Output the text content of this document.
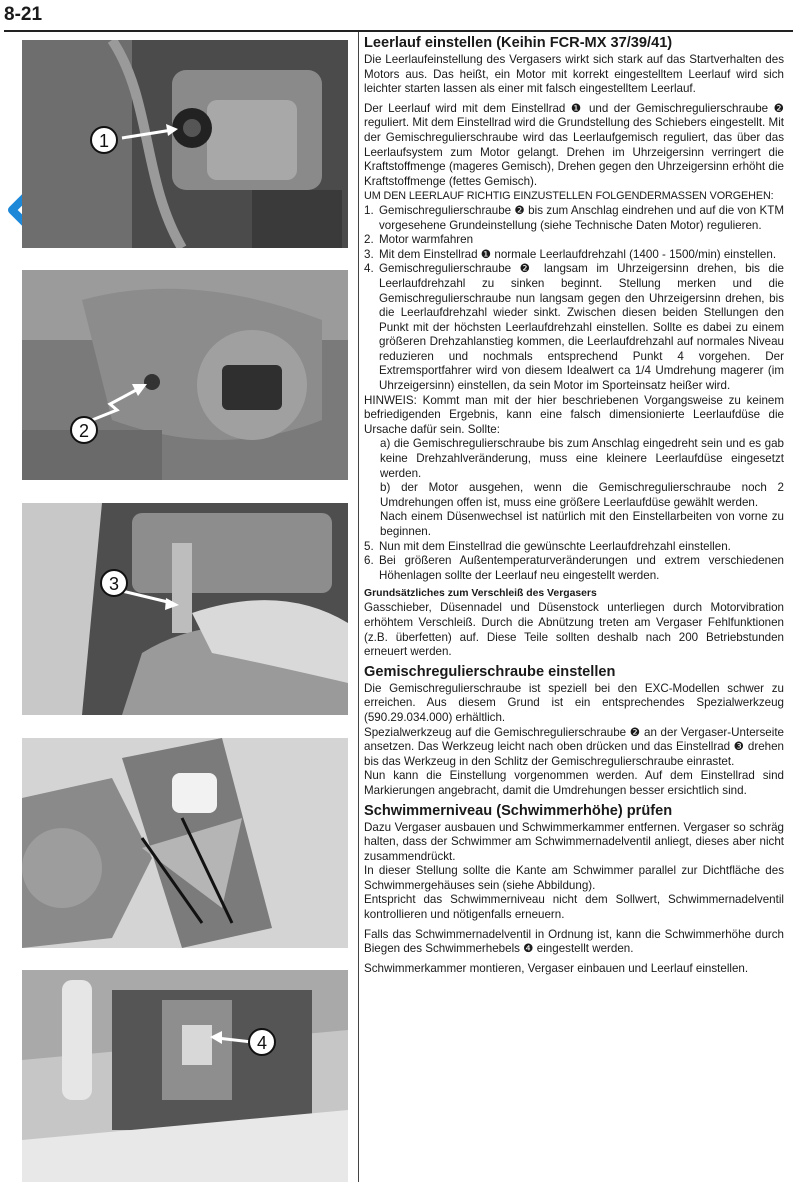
8-21
1
2
3
4
Leerlauf einstellen (Keihin FCR-MX 37/39/41)

Die Leerlaufeinstellung des Vergasers wirkt sich stark auf das Startverhalten des Motors aus. Das heißt, ein Motor mit korrekt eingestelltem Leerlauf wird sich leichter starten lassen als einer mit falsch eingestelltem Leerlauf.

Der Leerlauf wird mit dem Einstellrad ❶ und der Gemischregulierschraube ❷ reguliert. Mit dem Einstellrad wird die Grundstellung des Schiebers eingestellt. Mit der Gemischregulierschraube wird das Leerlaufgemisch reguliert, das über das Leerlaufsystem zum Motor gelangt. Drehen im Uhrzeigersinn verringert die Kraftstoffmenge (mageres Gemisch), Drehen gegen den Uhrzeigersinn erhöht die Kraftstoffmenge (fettes Gemisch).

UM DEN LEERLAUF RICHTIG EINZUSTELLEN FOLGENDERMASSEN VORGEHEN:

1. Gemischregulierschraube ❷ bis zum Anschlag eindrehen und auf die von KTM vorgesehene Grundeinstellung (siehe Technische Daten Motor) regulieren.
2. Motor warmfahren
3. Mit dem Einstellrad ❶ normale Leerlaufdrehzahl (1400 - 1500/min) einstellen.
4. Gemischregulierschraube ❷ langsam im Uhrzeigersinn drehen, bis die Leerlaufdrehzahl zu sinken beginnt. Stellung merken und die Gemischregulierschraube nun langsam gegen den Uhrzeigersinn drehen, bis die Leerlaufdrehzahl wieder sinkt. Zwischen diesen beiden Stellungen den Punkt mit der höchsten Leerlaufdrehzahl einstellen. Sollte es dabei zu einem größeren Drehzahlanstieg kommen, die Leerlaufdrehzahl auf normales Niveau reduzieren und nochmals entsprechend Punkt 4 vorgehen. Der Extremsportfahrer wird von diesem Idealwert ca 1/4 Umdrehung magerer (im Uhrzeigersinn) einstellen, da sein Motor im Sporteinsatz heißer wird.

HINWEIS: Kommt man mit der hier beschriebenen Vorgangsweise zu keinem befriedigenden Ergebnis, kann eine falsch dimensionierte Leerlaufdüse die Ursache dafür sein. Sollte:

a) die Gemischregulierschraube bis zum Anschlag eingedreht sein und es gab keine Drehzahlveränderung, muss eine kleinere Leerlaufdüse eingesetzt werden.

b) der Motor ausgehen, wenn die Gemischregulierschraube noch 2 Umdrehungen offen ist, muss eine größere Leerlaufdüse gewählt werden.

Nach einem Düsenwechsel ist natürlich mit den Einstellarbeiten von vorne zu beginnen.

5. Nun mit dem Einstellrad die gewünschte Leerlaufdrehzahl einstellen.
6. Bei größeren Außentemperaturveränderungen und extrem verschiedenen Höhenlagen sollte der Leerlauf neu eingestellt werden.
Grundsätzliches zum Verschleiß des Vergasers

Gasschieber, Düsennadel und Düsenstock unterliegen durch Motorvibration erhöhtem Verschleiß. Durch die Abnützung treten am Vergaser Fehlfunktionen (z.B. überfetten) auf. Diese Teile sollten deshalb nach 200 Betriebstunden erneuert werden.

Gemischregulierschraube einstellen

Die Gemischregulierschraube ist speziell bei den EXC-Modellen schwer zu erreichen. Aus diesem Grund ist ein entsprechendes Spezialwerkzeug (590.29.034.000) erhältlich.

Spezialwerkzeug auf die Gemischregulierschraube ❷ an der Vergaser-Unterseite ansetzen. Das Werkzeug leicht nach oben drücken und das Einstellrad ❸ drehen bis das Werkzeug in den Schlitz der Gemischregulierschraube einrastet.

Nun kann die Einstellung vorgenommen werden. Auf dem Einstellrad sind Markierungen angebracht, damit die Umdrehungen besser ersichtlich sind.

Schwimmerniveau (Schwimmerhöhe) prüfen

Dazu Vergaser ausbauen und Schwimmerkammer entfernen. Vergaser so schräg halten, dass der Schwimmer am Schwimmernadelventil anliegt, dieses aber nicht zusammendrückt.

In dieser Stellung sollte die Kante am Schwimmer parallel zur Dichtfläche des Schwimmergehäuses sein (siehe Abbildung).

Entspricht das Schwimmerniveau nicht dem Sollwert, Schwimmernadelventil kontrollieren und nötigenfalls erneuern.

Falls das Schwimmernadelventil in Ordnung ist, kann die Schwimmerhöhe durch Biegen des Schwimmerhebels ❹ eingestellt werden.

Schwimmerkammer montieren, Vergaser einbauen und Leerlauf einstellen.
